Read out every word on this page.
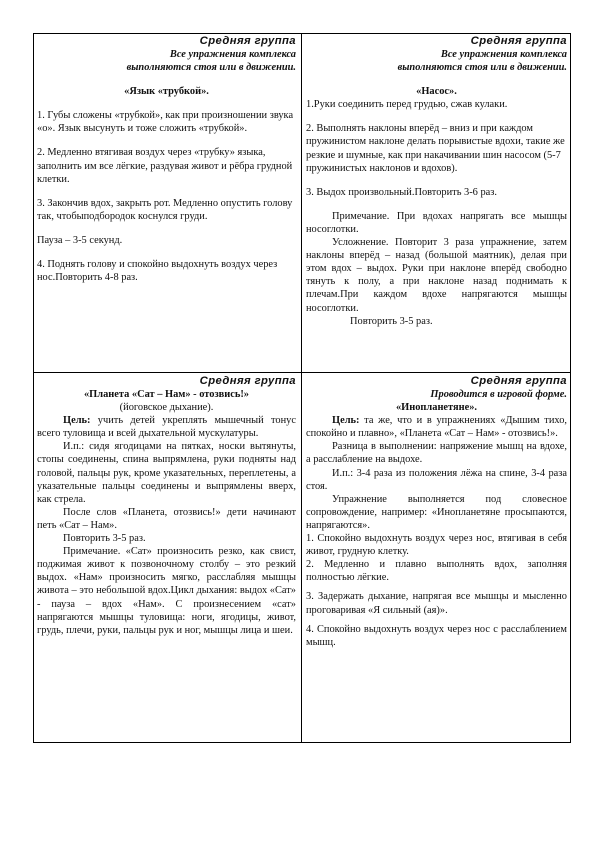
Средняя группа

Все упражнения комплекса

выполняются стоя или в движении.

«Язык «трубкой».

1. Губы сложены «трубкой», как при произношении звука «о». Язык высунуть и тоже сложить «трубкой».

2. Медленно втягивая воздух через «трубку» языка, заполнить им все лёгкие, раздувая живот и рёбра грудной клетки.

3. Закончив вдох, закрыть рот. Медленно опустить голову так, чтобыподбородок коснулся груди.

Пауза – 3-5 секунд.

4. Поднять голову и спокойно выдохнуть воздух через нос.Повторить 4-8 раз.

Средняя группа

Все упражнения комплекса

выполняются стоя или в движении.

«Насос».

1.Руки соединить перед грудью, сжав кулаки.

2. Выполнять наклоны вперёд – вниз и при каждом пружинистом наклоне делать порывистые вдохи, такие же резкие и шумные, как при накачивании шин насосом (5-7 пружинистых наклонов и вдохов).

3. Выдох произвольный.Повторить 3-6 раз.

Примечание. При вдохах напрягать все мышцы носоглотки.

Усложнение. Повторит 3 раза упражнение, затем наклоны вперёд – назад (большой маятник), делая при этом вдох – выдох. Руки при наклоне вперёд свободно тянуть к полу, а при наклоне назад поднимать к плечам.При каждом вдохе напрягаются мышцы носоглотки.

Повторить 3-5 раз.

Средняя группа

«Планета «Сат – Нам» - отозвись!»

(йоговское дыхание).

Цель: учить детей укреплять мышечный тонус всего туловища и всей дыхательной мускулатуры.

И.п.: сидя ягодицами на пятках, носки вытянуты, стопы соединены, спина выпрямлена, руки подняты над головой, пальцы рук, кроме указательных, переплетены, а указательные пальцы соединены и выпрямлены вверх, как стрела.

После слов «Планета, отозвись!» дети начинают петь «Сат – Нам».

Повторить 3-5 раз.

Примечание. «Сат» произносить резко, как свист, поджимая живот к позвоночному столбу – это резкий выдох. «Нам» произносить мягко, расслабляя мышцы живота – это небольшой вдох.Цикл дыхания: выдох «Сат» - пауза – вдох «Нам». С произнесением «сат» напрягаются мышцы туловища: ноги, ягодицы, живот, грудь, плечи, руки, пальцы рук и ног, мышцы лица и шеи.

Средняя группа

Проводится в игровой форме.

«Инопланетяне».

Цель: та же, что и в упражнениях «Дышим тихо, спокойно и плавно», «Планета «Сат – Нам» - отозвись!».

Разница в выполнении: напряжение мышц на вдохе, а расслабление на выдохе.

И.п.: 3-4 раза из положения лёжа на спине, 3-4 раза стоя.

Упражнение выполняется под словесное сопровождение, например: «Инопланетяне просыпаются, напрягаются».

1. Спокойно выдохнуть воздух через нос, втягивая в себя живот, грудную клетку.

2. Медленно и плавно выполнять вдох, заполняя полностью лёгкие.

3. Задержать дыхание, напрягая все мышцы и мысленно проговаривая «Я сильный (ая)».

4. Спокойно выдохнуть воздух через нос с расслаблением мышц.
